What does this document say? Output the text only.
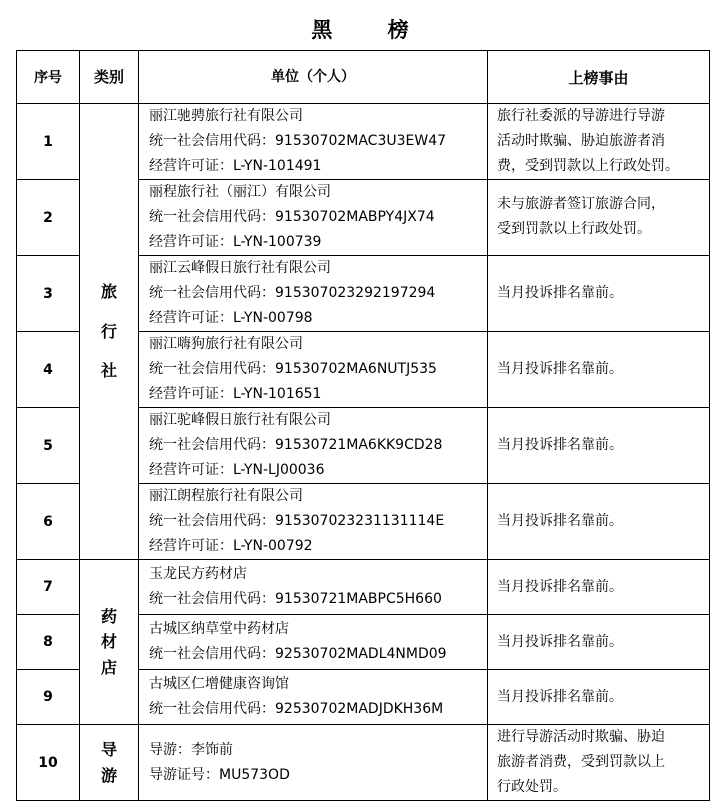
黑 榜
序号	类别	单位（个人）	上榜事由
1	旅
行
社	丽江驰骋旅行社有限公司
统一社会信用代码：91530702MAC3U3EW47
经营许可证：L-YN-101491	旅行社委派的导游进行导游
活动时欺骗、胁迫旅游者消
费，受到罚款以上行政处罚。

2		丽程旅行社（丽江）有限公司
统一社会信用代码：91530702MABPY4JX74
经营许可证：L-YN-100739	未与旅游者签订旅游合同，
受到罚款以上行政处罚。

3		丽江云峰假日旅行社有限公司
统一社会信用代码：915307023292197294
经营许可证：L-YN-00798	当月投诉排名靠前。

4		丽江嗨狗旅行社有限公司
统一社会信用代码：91530702MA6NUTJ535
经营许可证：L-YN-101651	当月投诉排名靠前。

5		丽江驼峰假日旅行社有限公司
统一社会信用代码：91530721MA6KK9CD28
经营许可证：L-YN-LJ00036	当月投诉排名靠前。

6		丽江朗程旅行社有限公司
统一社会信用代码：915307023231131114E
经营许可证：L-YN-00792	当月投诉排名靠前。

7	药
材
店	玉龙民方药材店
统一社会信用代码：91530721MABPC5H660	当月投诉排名靠前。

8		古城区纳草堂中药材店
统一社会信用代码：92530702MADL4NMD09	当月投诉排名靠前。

9		古城区仁增健康咨询馆
统一社会信用代码：92530702MADJDKH36M	当月投诉排名靠前。

10	导
游	导游：李饰前
导游证号：MU573OD	进行导游活动时欺骗、胁迫
旅游者消费，受到罚款以上
行政处罚。
